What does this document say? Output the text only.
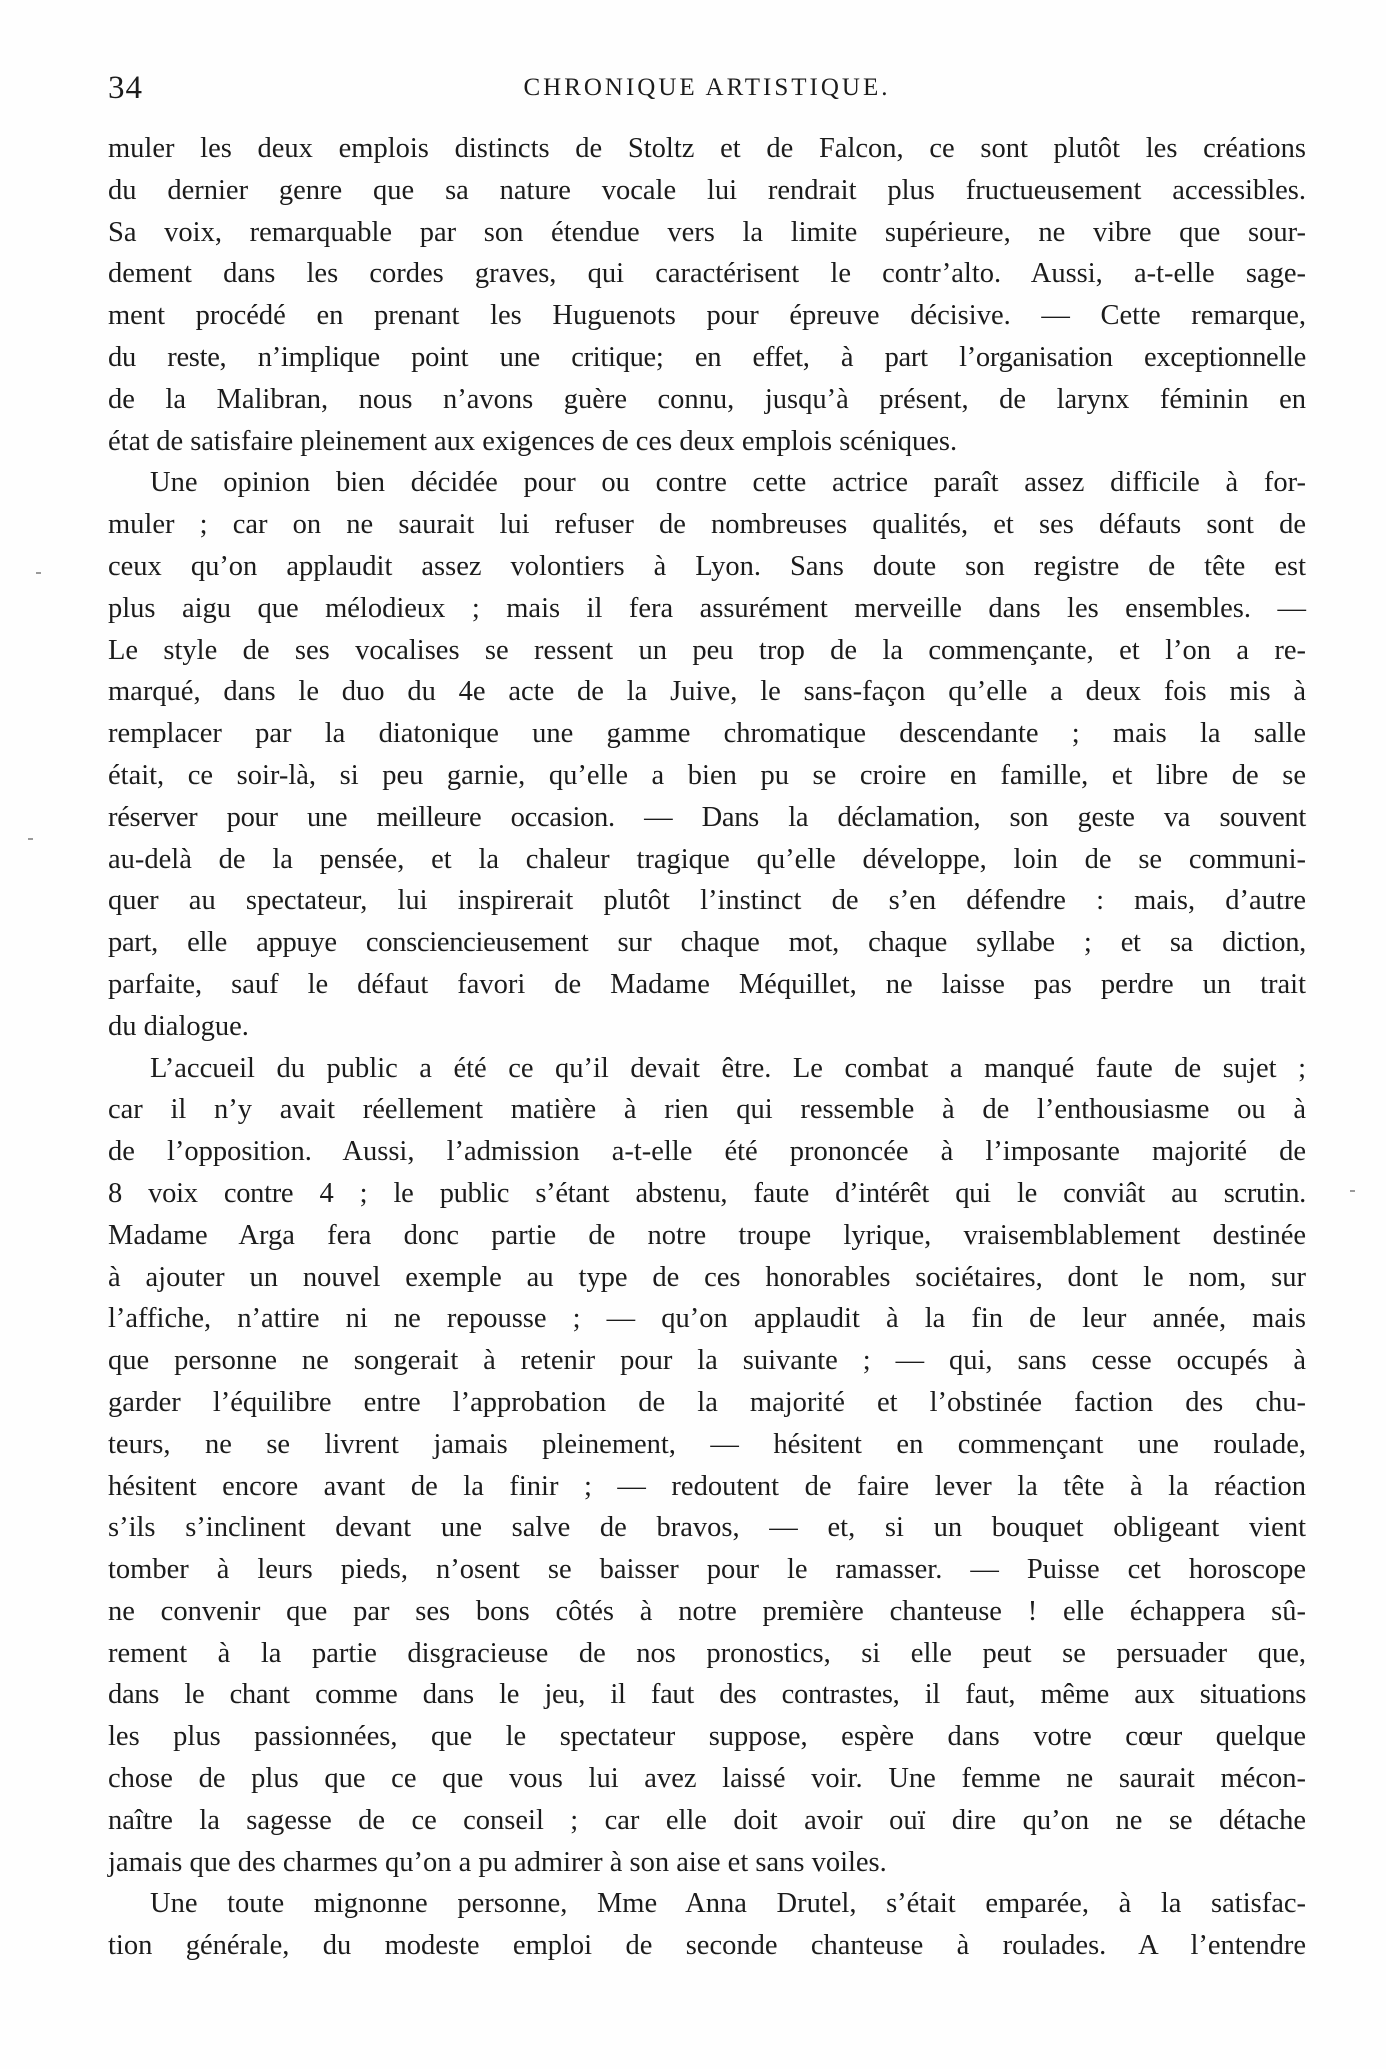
34	CHRONIQUE ARTISTIQUE.
muler les deux emplois distincts de Stoltz et de Falcon, ce sont plutôt les créations
du dernier genre que sa nature vocale lui rendrait plus fructueusement accessibles.
Sa voix, remarquable par son étendue vers la limite supérieure, ne vibre que sour-
dement dans les cordes graves, qui caractérisent le contr’alto. Aussi, a-t-elle sage-
ment procédé en prenant les Huguenots pour épreuve décisive. — Cette remarque,
du reste, n’implique point une critique; en effet, à part l’organisation exceptionnelle
de la Malibran, nous n’avons guère connu, jusqu’à présent, de larynx féminin en
état de satisfaire pleinement aux exigences de ces deux emplois scéniques.
Une opinion bien décidée pour ou contre cette actrice paraît assez difficile à for-
muler ; car on ne saurait lui refuser de nombreuses qualités, et ses défauts sont de
ceux qu’on applaudit assez volontiers à Lyon. Sans doute son registre de tête est
plus aigu que mélodieux ; mais il fera assurément merveille dans les ensembles. —
Le style de ses vocalises se ressent un peu trop de la commençante, et l’on a re-
marqué, dans le duo du 4e acte de la Juive, le sans-façon qu’elle a deux fois mis à
remplacer par la diatonique une gamme chromatique descendante ; mais la salle
était, ce soir-là, si peu garnie, qu’elle a bien pu se croire en famille, et libre de se
réserver pour une meilleure occasion. — Dans la déclamation, son geste va souvent
au-delà de la pensée, et la chaleur tragique qu’elle développe, loin de se communi-
quer au spectateur, lui inspirerait plutôt l’instinct de s’en défendre : mais, d’autre
part, elle appuye consciencieusement sur chaque mot, chaque syllabe ; et sa diction,
parfaite, sauf le défaut favori de Madame Méquillet, ne laisse pas perdre un trait
du dialogue.
L’accueil du public a été ce qu’il devait être. Le combat a manqué faute de sujet ;
car il n’y avait réellement matière à rien qui ressemble à de l’enthousiasme ou à
de l’opposition. Aussi, l’admission a-t-elle été prononcée à l’imposante majorité de
8 voix contre 4 ; le public s’étant abstenu, faute d’intérêt qui le conviât au scrutin.
Madame Arga fera donc partie de notre troupe lyrique, vraisemblablement destinée
à ajouter un nouvel exemple au type de ces honorables sociétaires, dont le nom, sur
l’affiche, n’attire ni ne repousse ; — qu’on applaudit à la fin de leur année, mais
que personne ne songerait à retenir pour la suivante ; — qui, sans cesse occupés à
garder l’équilibre entre l’approbation de la majorité et l’obstinée faction des chu-
teurs, ne se livrent jamais pleinement, — hésitent en commençant une roulade,
hésitent encore avant de la finir ; — redoutent de faire lever la tête à la réaction
s’ils s’inclinent devant une salve de bravos, — et, si un bouquet obligeant vient
tomber à leurs pieds, n’osent se baisser pour le ramasser. — Puisse cet horoscope
ne convenir que par ses bons côtés à notre première chanteuse ! elle échappera sû-
rement à la partie disgracieuse de nos pronostics, si elle peut se persuader que,
dans le chant comme dans le jeu, il faut des contrastes, il faut, même aux situations
les plus passionnées, que le spectateur suppose, espère dans votre cœur quelque
chose de plus que ce que vous lui avez laissé voir. Une femme ne saurait mécon-
naître la sagesse de ce conseil ; car elle doit avoir ouï dire qu’on ne se détache
jamais que des charmes qu’on a pu admirer à son aise et sans voiles.
Une toute mignonne personne, Mme Anna Drutel, s’était emparée, à la satisfac-
tion générale, du modeste emploi de seconde chanteuse à roulades. A l’entendre
